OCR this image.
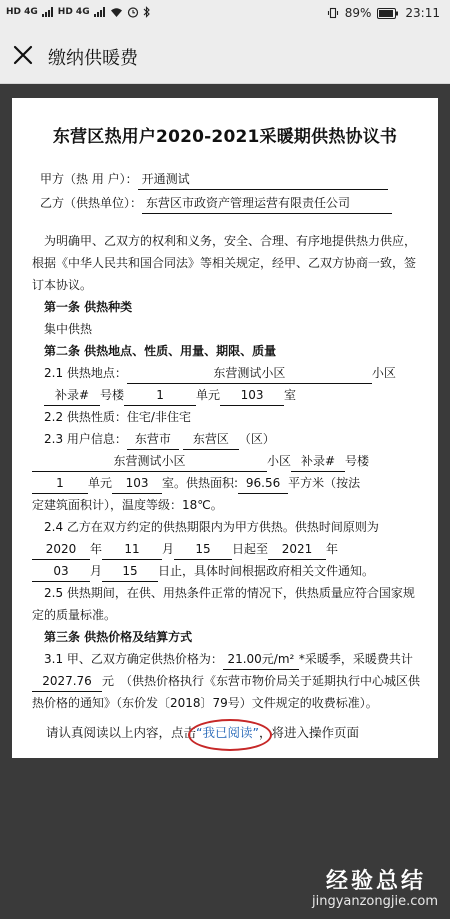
HD 4G HD 4G	89%	23:11
缴纳供暖费
东营区热用户2020-2021采暖期供热协议书
甲方（热 用 户）： 开通测试
乙方（供热单位）： 东营区市政资产管理运营有限责任公司
为明确甲、乙双方的权利和义务，安全、合理、有序地提供热力供应，根据《中华人民共和国合同法》等相关规定，经甲、乙双方协商一致，签订本协议。
第一条 供热种类
集中供热
第二条 供热地点、性质、用量、期限、质量
2.1 供热地点：	东营测试小区	小区
补录# 号楼	1	单元 103 室
2.2 供热性质：住宅/非住宅
2.3 用户信息： 东营市 东营区 （区）
东营测试小区	小区 补录# 号楼
1 单元 103 室。供热面积: 96.56 平方米（按法
定建筑面积计），温度等级：18℃。
2.4 乙方在双方约定的供热期限内为甲方供热。供热时间原则为
2020 年 11 月 15 日起至 2021 年
03 月 15 日止，具体时间根据政府相关文件通知。
2.5 供热期间，在供、用热条件正常的情况下，供热质量应符合国家规定的质量标准。
第三条 供热价格及结算方式
3.1 甲、乙双方确定供热价格为： 21.00元/m² *采暖季，采暖费共计
2027.76 元 （供热价格执行《东营市物价局关于延期执行中心城区供
热价格的通知》（东价发〔2018〕79号）文件规定的收费标准）。
请认真阅读以上内容，点击“我已阅读”
，将进入操作页面
经验总结
jingyanzongjie.com
